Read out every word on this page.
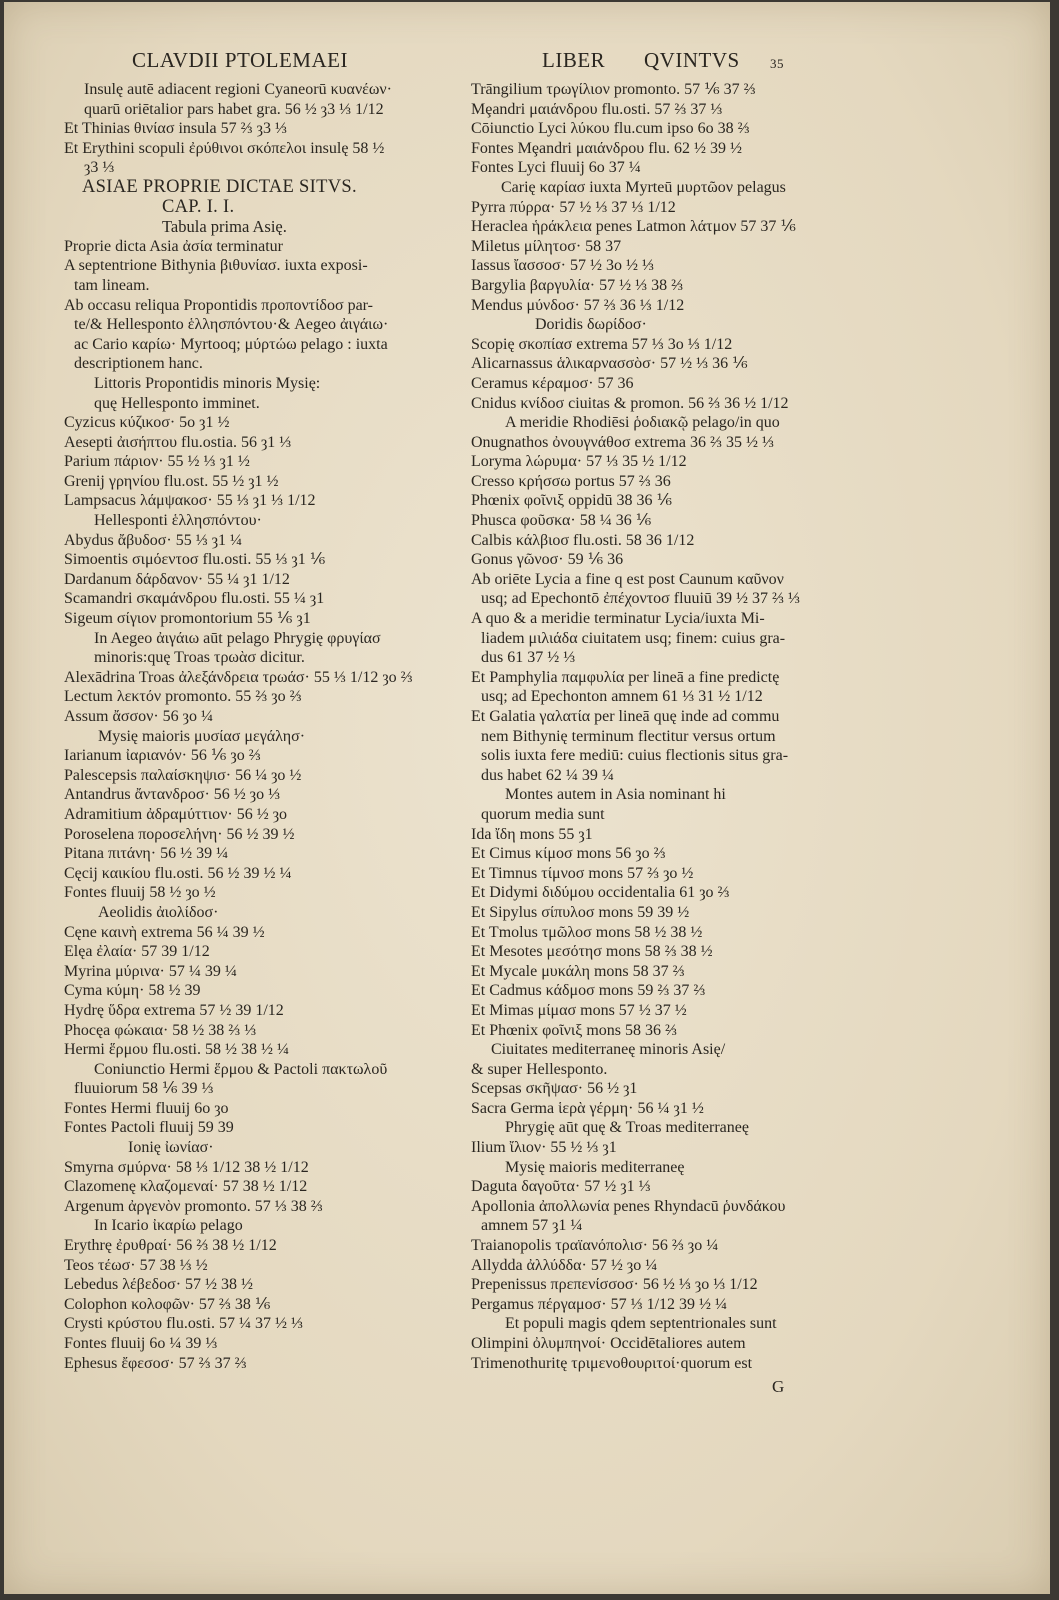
CLAVDII PTOLEMAEI	LIBER QVINTVS 35
Insulę autē adiacent regioni Cyaneorū κυανέων·
quarū oriētalior pars habet gra. 56 ½ ȝ3 ⅓ 1/12
Et Thinias θινίασ insula 57 ⅔ ȝ3 ⅓
Et Erythini scopuli ἐρύθινοι σκόπελοι insulę 58 ½
ȝ3 ⅓
ASIAE PROPRIE DICTAE SITVS.
CAP. I. I.
Tabula prima Asię.
Proprie dicta Asia ἀσία terminatur
A septentrione Bithynia βιθυνίασ. iuxta exposi-
tam lineam.
Ab occasu reliqua Propontidis προποντίδοσ par-
te/& Hellesponto ἑλλησπόντου·& Aegeo ἀιγάιω·
ac Cario καρίω· Myrtooq; μύρτώω pelago : iuxta
descriptionem hanc.
Littoris Propontidis minoris Mysię:
quę Hellesponto imminet.
Cyzicus κύζικοσ· 5o ȝ1 ½
Aesepti ἀισήπτου flu.ostia. 56 ȝ1 ⅓
Parium πάριον· 55 ½ ⅓ ȝ1 ½
Grenij γρηνίου flu.ost. 55 ½ ȝ1 ½
Lampsacus λάμψακοσ· 55 ⅓ ȝ1 ⅓ 1/12
Hellesponti ἑλλησπόντου·
Abydus ἄβυδοσ· 55 ⅓ ȝ1 ¼
Simoentis σιμόεντοσ flu.osti. 55 ⅓ ȝ1 ⅙
Dardanum δάρδανον· 55 ¼ ȝ1 1/12
Scamandri σκαμάνδρου flu.osti. 55 ¼ ȝ1
Sigeum σίγιον promontorium 55 ⅙ ȝ1
In Aegeo ἀιγάιω aūt pelago Phrygię φρυγίασ
minoris:quę Troas τρωὰσ dicitur.
Alexādrina Troas ἀλεξάνδρεια τρωάσ· 55 ⅓ 1/12 ȝo ⅔
Lectum λεκτόν promonto. 55 ⅔ ȝo ⅔
Assum ἄσσον· 56 ȝo ¼
Mysię maioris μυσίασ μεγάλησ·
Iarianum ἰαριανόν· 56 ⅙ ȝo ⅔
Palescepsis παλαίσκηψισ· 56 ¼ ȝo ½
Antandrus ἄντανδροσ· 56 ½ ȝo ⅓
Adramitium ἀδραμύττιον· 56 ½ ȝo
Poroselena ποροσελήνη· 56 ½ 39 ½
Pitana πιτάνη· 56 ½ 39 ¼
Cęcij καικίου flu.osti. 56 ½ 39 ½ ¼
Fontes fluuij 58 ½ ȝo ½
Aeolidis ἀιολίδοσ·
Cęne καινὴ extrema 56 ¼ 39 ½
Elęa ἐλαία· 57 39 1/12
Myrina μύρινα· 57 ¼ 39 ¼
Cyma κύμη· 58 ½ 39
Hydrę ὕδρα extrema 57 ½ 39 1/12
Phocęa φώκαια· 58 ½ 38 ⅔ ⅓
Hermi ἕρμου flu.osti. 58 ½ 38 ½ ¼
Coniunctio Hermi ἕρμου & Pactoli πακτωλοῦ
fluuiorum 58 ⅙ 39 ⅓
Fontes Hermi fluuij 6o ȝo
Fontes Pactoli fluuij 59 39
Ionię ἰωνίασ·
Smyrna σμύρνα· 58 ⅓ 1/12 38 ½ 1/12
Clazomenę κλαζομεναί· 57 38 ½ 1/12
Argenum ἀργενὸν promonto. 57 ⅓ 38 ⅔
In Icario ἰκαρίω pelago
Erythrę ἐρυθραί· 56 ⅔ 38 ½ 1/12
Teos τέωσ· 57 38 ⅓ ½
Lebedus λέβεδοσ· 57 ½ 38 ½
Colophon κολοφῶν· 57 ⅔ 38 ⅙
Crysti κρύστου flu.osti. 57 ¼ 37 ½ ⅓
Fontes fluuij 6o ¼ 39 ⅓
Ephesus ἔφεσοσ· 57 ⅔ 37 ⅔
Trāngilium τρωγίλιον promonto. 57 ⅙ 37 ⅔
Mȩandri μαιάνδρου flu.osti. 57 ⅔ 37 ⅓
Cōiunctio Lyci λύκου flu.cum ipso 6o 38 ⅔
Fontes Mȩandri μαιάνδρου flu. 62 ½ 39 ½
Fontes Lyci fluuij 6o 37 ¼
Carię καρίασ iuxta Myrteū μυρτῶον pelagus
Pyrra πύρρα· 57 ½ ⅓ 37 ⅓ 1/12
Heraclea ἡράκλεια penes Latmon λάτμον 57 37 ⅙
Miletus μίλητοσ· 58 37
Iassus ἴασσοσ· 57 ½ 3o ½ ⅓
Bargylia βαργυλία· 57 ½ ⅓ 38 ⅔
Mendus μύνδοσ· 57 ⅔ 36 ⅓ 1/12
Doridis δωρίδοσ·
Scopię σκοπίασ extrema 57 ⅓ 3o ⅓ 1/12
Alicarnassus ἁλικαρνασσὸσ· 57 ½ ⅓ 36 ⅙
Ceramus κέραμοσ· 57 36
Cnidus κνίδοσ ciuitas & promon. 56 ⅔ 36 ½ 1/12
A meridie Rhodiēsi ῥοδιακῷ pelago/in quo
Onugnathos ὀνουγνάθοσ extrema 36 ⅔ 35 ½ ⅓
Loryma λώρυμα· 57 ⅓ 35 ½ 1/12
Cresso κρήσσω portus 57 ⅔ 36
Phœnix φοῖνιξ oppidū 38 36 ⅙
Phusca φοῦσκα· 58 ¼ 36 ⅙
Calbis κάλβιοσ flu.osti. 58 36 1/12
Gonus γῶνοσ· 59 ⅙ 36
Ab oriēte Lycia a fine q est post Caunum καῦνον
usq; ad Epechontō ἐπέχοντοσ fluuiū 39 ½ 37 ⅔ ⅓
A quo & a meridie terminatur Lycia/iuxta Mi-
liadem μιλιάδα ciuitatem usq; finem: cuius gra-
dus 61 37 ½ ⅓
Et Pamphylia παμφυλία per lineā a fine predictę
usq; ad Epechonton amnem 61 ⅓ 31 ½ 1/12
Et Galatia γαλατία per lineā quę inde ad commu
nem Bithynię terminum flectitur versus ortum
solis iuxta fere mediū: cuius flectionis situs gra-
dus habet 62 ¼ 39 ¼
Montes autem in Asia nominant hi
quorum media sunt
Ida ἴδη mons 55 ȝ1
Et Cimus κίμοσ mons 56 ȝo ⅔
Et Timnus τίμνοσ mons 57 ⅔ ȝo ½
Et Didymi διδύμου occidentalia 61 ȝo ⅔
Et Sipylus σίπυλοσ mons 59 39 ½
Et Tmolus τμῶλοσ mons 58 ½ 38 ½
Et Mesotes μεσότησ mons 58 ⅔ 38 ½
Et Mycale μυκάλη mons 58 37 ⅔
Et Cadmus κάδμοσ mons 59 ⅔ 37 ⅔
Et Mimas μίμασ mons 57 ½ 37 ½
Et Phœnix φοῖνιξ mons 58 36 ⅔
Ciuitates mediterraneę minoris Asię/
& super Hellesponto.
Scepsas σκῆψασ· 56 ½ ȝ1
Sacra Germa ἱερὰ γέρμη· 56 ¼ ȝ1 ½
Phrygię aūt quę & Troas mediterraneę
Ilium ἴλιον· 55 ½ ⅓ ȝ1
Mysię maioris mediterraneę
Daguta δαγοῦτα· 57 ½ ȝ1 ⅓
Apollonia ἀπολλωνία penes Rhyndacū ῥυνδάκου
amnem 57 ȝ1 ¼
Traianopolis τραϊανόπολισ· 56 ⅔ ȝo ¼
Allydda ἀλλύδδα· 57 ½ ȝo ¼
Prepenissus πρεπενίσσοσ· 56 ½ ⅓ ȝo ⅓ 1/12
Pergamus πέργαμοσ· 57 ⅓ 1/12 39 ½ ¼
Et populi magis qdem septentrionales sunt
Olimpini ὀλυμπηνοί· Occidētaliores autem
Trimenothuritę τριμενοθουριτοί·quorum est
G
